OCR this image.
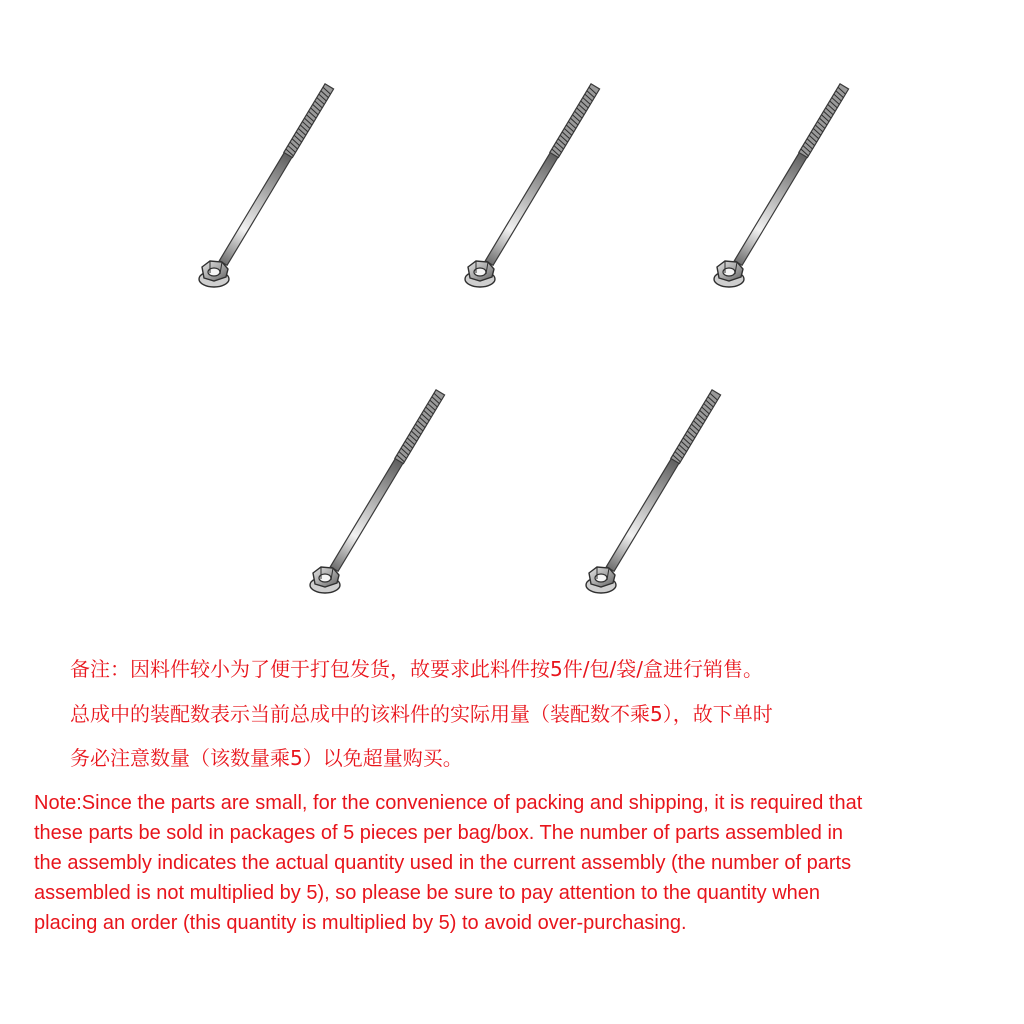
备注：因料件较小为了便于打包发货，故要求此料件按5件/包/袋/盒进行销售。
总成中的装配数表示当前总成中的该料件的实际用量（装配数不乘5），故下单时
务必注意数量（该数量乘5）以免超量购买。
Note:Since the parts are small, for the convenience of packing and shipping, it is required that
these parts be sold in packages of 5 pieces per bag/box. The number of parts assembled in
the assembly indicates the actual quantity used in the current assembly (the number of parts
assembled is not multiplied by 5), so please be sure to pay attention to the quantity when
placing an order (this quantity is multiplied by 5) to avoid over-purchasing.
